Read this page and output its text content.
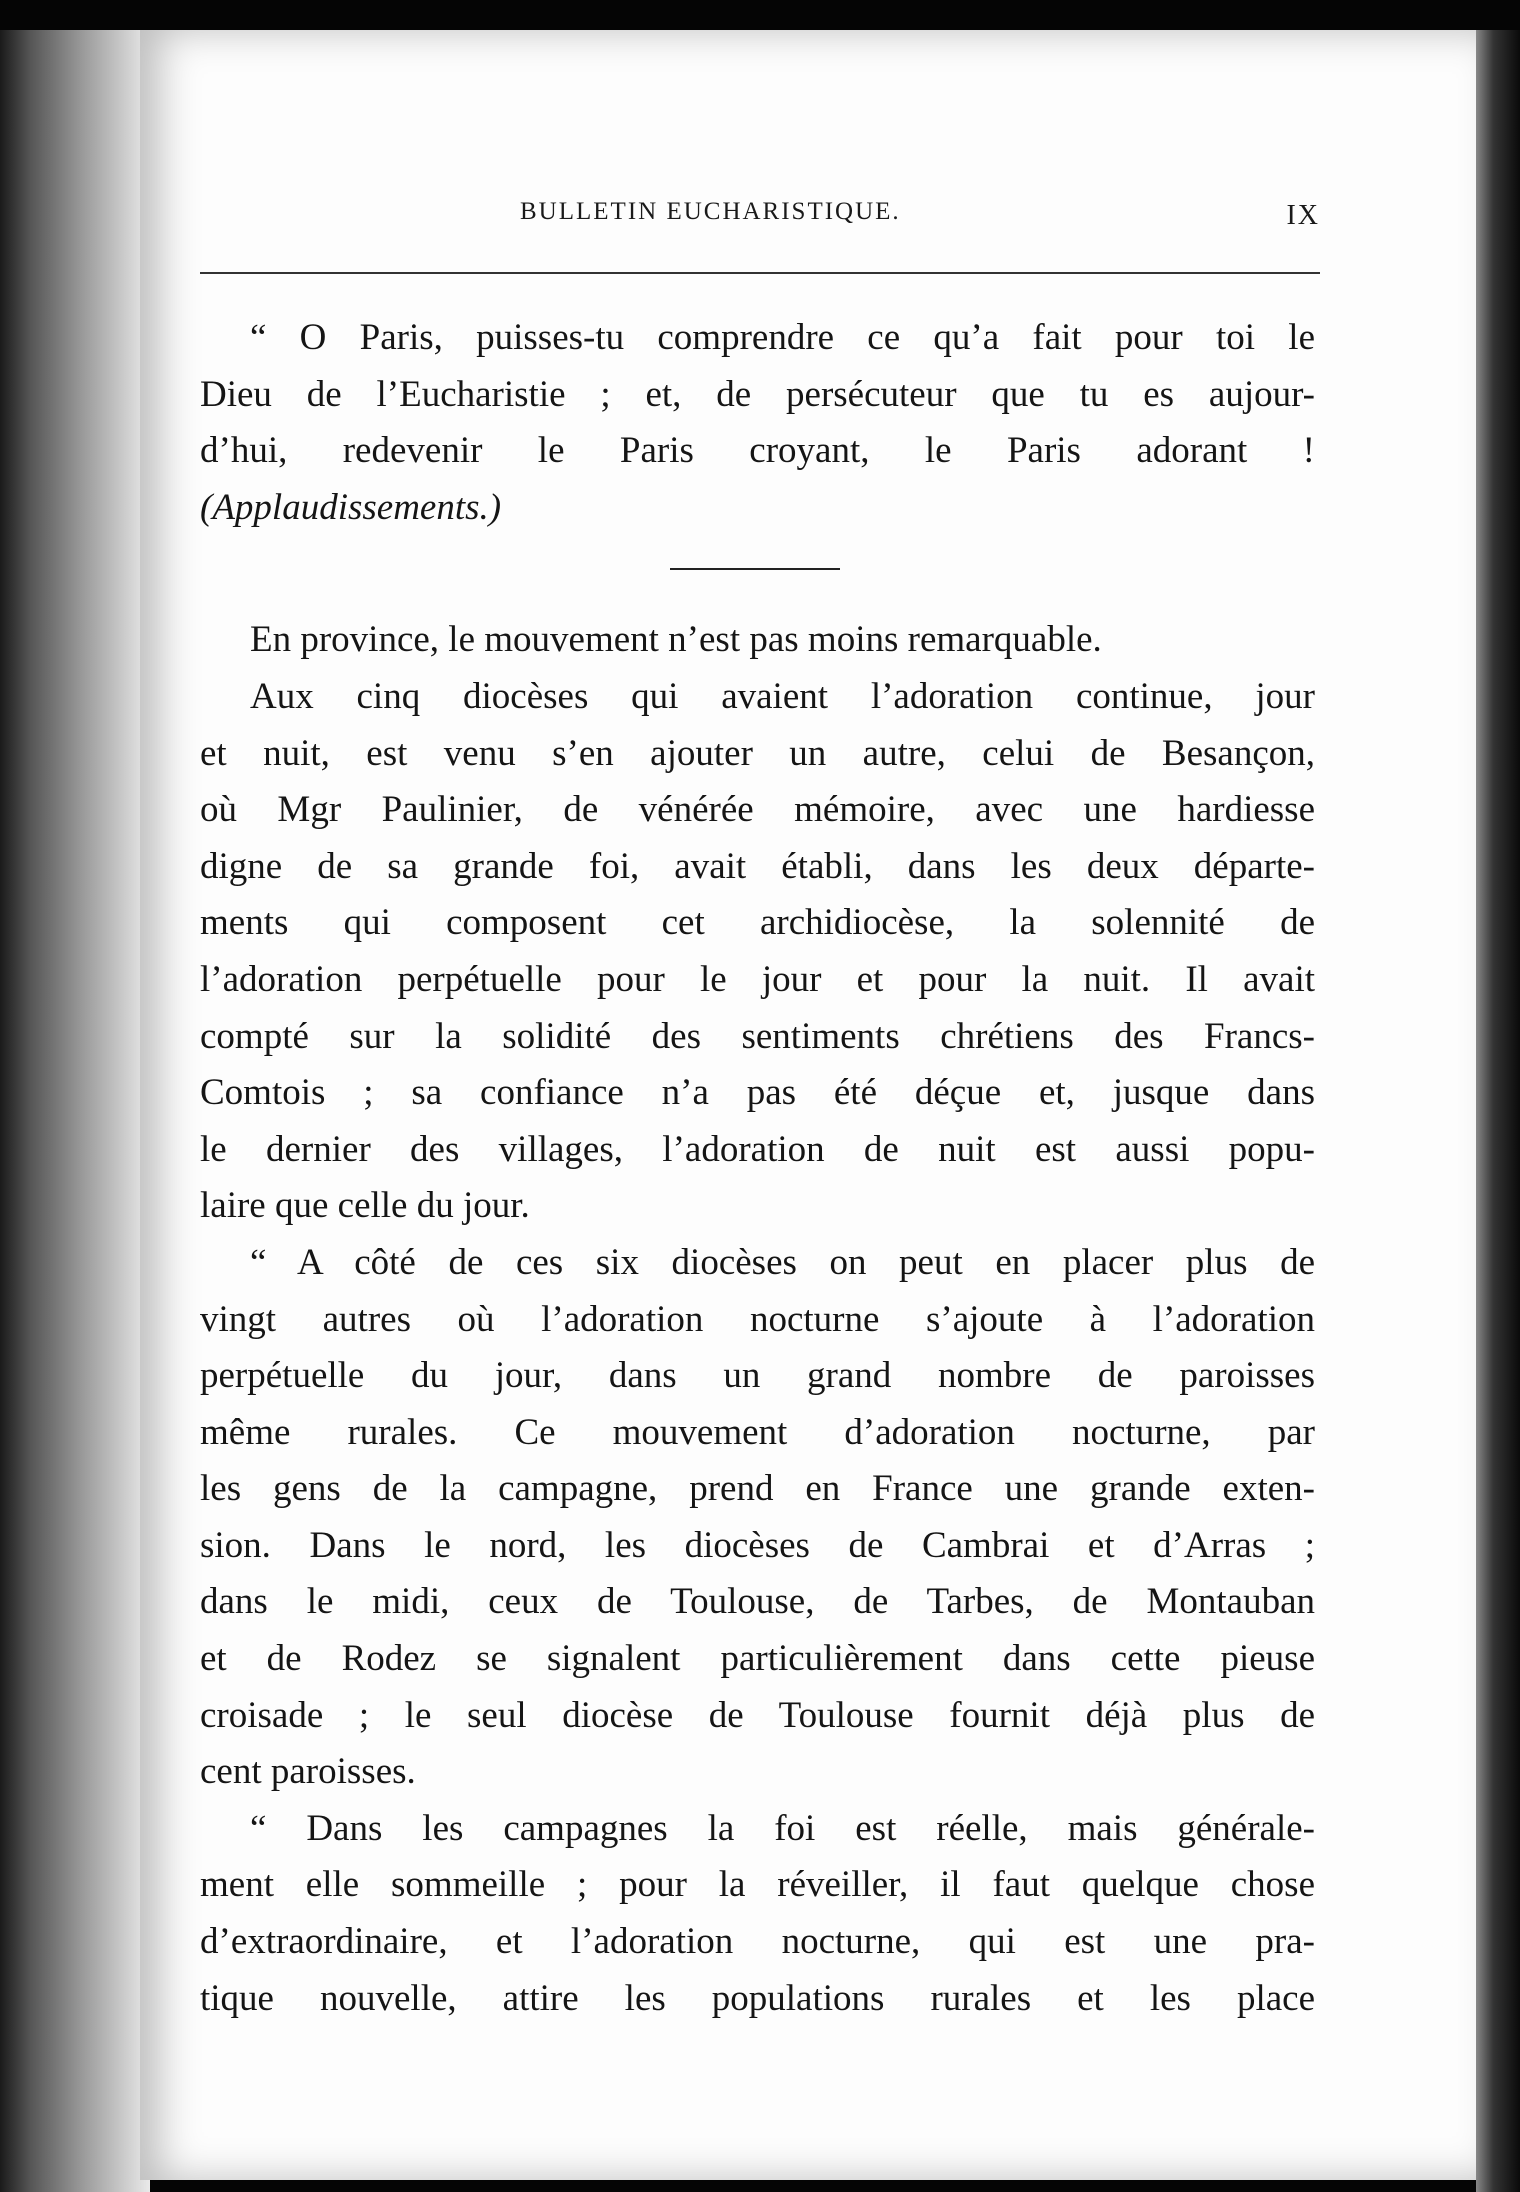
BULLETIN EUCHARISTIQUE.	IX

“ O Paris, puisses-tu comprendre ce qu’a fait pour toi le
Dieu de l’Eucharistie ; et, de persécuteur que tu es aujour-
d’hui, redevenir le Paris croyant, le Paris adorant !
(Applaudissements.)

En province, le mouvement n’est pas moins remarquable.

Aux cinq diocèses qui avaient l’adoration continue, jour
et nuit, est venu s’en ajouter un autre, celui de Besançon,
où Mgr Paulinier, de vénérée mémoire, avec une hardiesse
digne de sa grande foi, avait établi, dans les deux départe-
ments qui composent cet archidiocèse, la solennité de
l’adoration perpétuelle pour le jour et pour la nuit. Il avait
compté sur la solidité des sentiments chrétiens des Francs-
Comtois ; sa confiance n’a pas été déçue et, jusque dans
le dernier des villages, l’adoration de nuit est aussi popu-
laire que celle du jour.

“ A côté de ces six diocèses on peut en placer plus de
vingt autres où l’adoration nocturne s’ajoute à l’adoration
perpétuelle du jour, dans un grand nombre de paroisses
même rurales. Ce mouvement d’adoration nocturne, par
les gens de la campagne, prend en France une grande exten-
sion. Dans le nord, les diocèses de Cambrai et d’Arras ;
dans le midi, ceux de Toulouse, de Tarbes, de Montauban
et de Rodez se signalent particulièrement dans cette pieuse
croisade ; le seul diocèse de Toulouse fournit déjà plus de
cent paroisses.

“ Dans les campagnes la foi est réelle, mais générale-
ment elle sommeille ; pour la réveiller, il faut quelque chose
d’extraordinaire, et l’adoration nocturne, qui est une pra-
tique nouvelle, attire les populations rurales et les place
